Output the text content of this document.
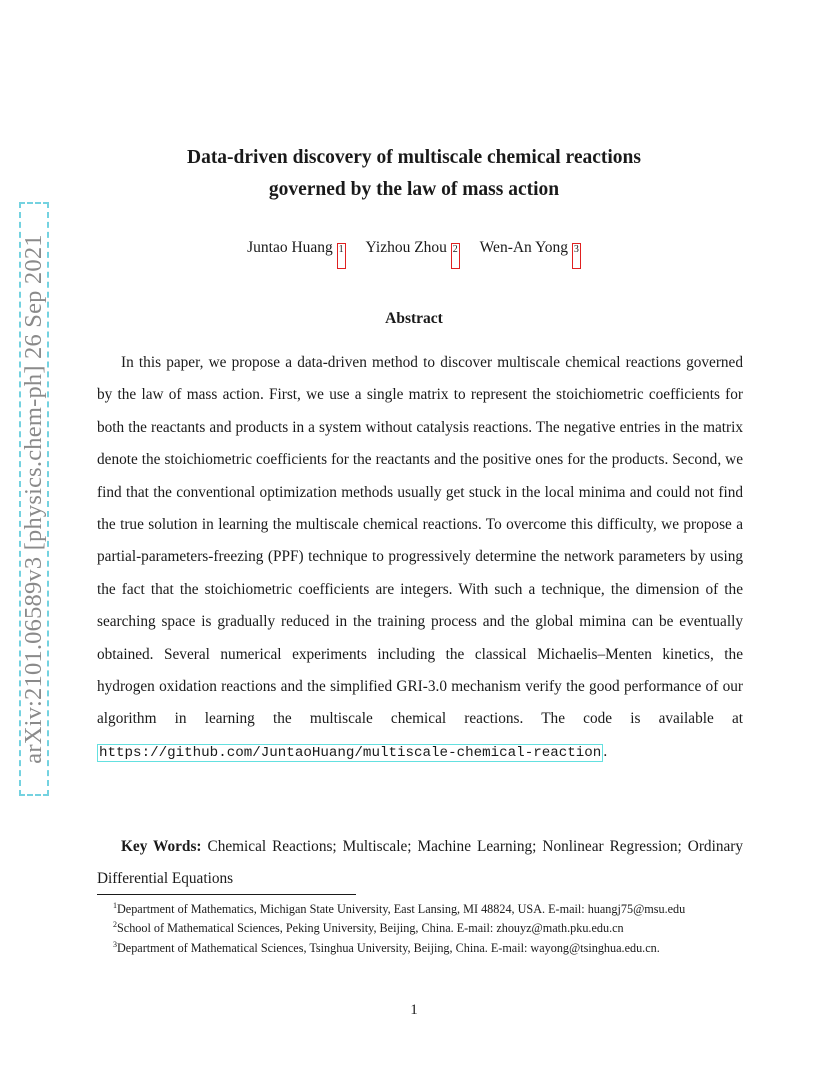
arXiv:2101.06589v3 [physics.chem-ph] 26 Sep 2021
Data-driven discovery of multiscale chemical reactions
governed by the law of mass action
Juntao Huang 1 Yizhou Zhou 2 Wen-An Yong 3
Abstract
In this paper, we propose a data-driven method to discover multiscale chemical reactions governed by the law of mass action. First, we use a single matrix to represent the stoichiometric coefficients for both the reactants and products in a system without catalysis reactions. The negative entries in the matrix denote the stoichiometric coefficients for the reactants and the positive ones for the products. Second, we find that the conventional optimization methods usually get stuck in the local minima and could not find the true solution in learning the multiscale chemical reactions. To overcome this difficulty, we propose a partial-parameters-freezing (PPF) technique to progressively determine the network parameters by using the fact that the stoichiometric coefficients are integers. With such a technique, the dimension of the searching space is gradually reduced in the training process and the global mimina can be eventually obtained. Several numerical experiments including the classical Michaelis–Menten kinetics, the hydrogen oxidation reactions and the simplified GRI-3.0 mechanism verify the good performance of our algorithm in learning the multiscale chemical reactions. The code is available at https://github.com/JuntaoHuang/multiscale-chemical-reaction .
Key Words: Chemical Reactions; Multiscale; Machine Learning; Nonlinear Regression; Ordinary Differential Equations

$^1$Department of Mathematics, Michigan State University, East Lansing, MI 48824, USA. E-mail: huangj75@msu.edu

$^2$School of Mathematical Sciences, Peking University, Beijing, China. E-mail: zhouyz@math.pku.edu.cn

$^3$Department of Mathematical Sciences, Tsinghua University, Beijing, China. E-mail: wayong@tsinghua.edu.cn.

1
